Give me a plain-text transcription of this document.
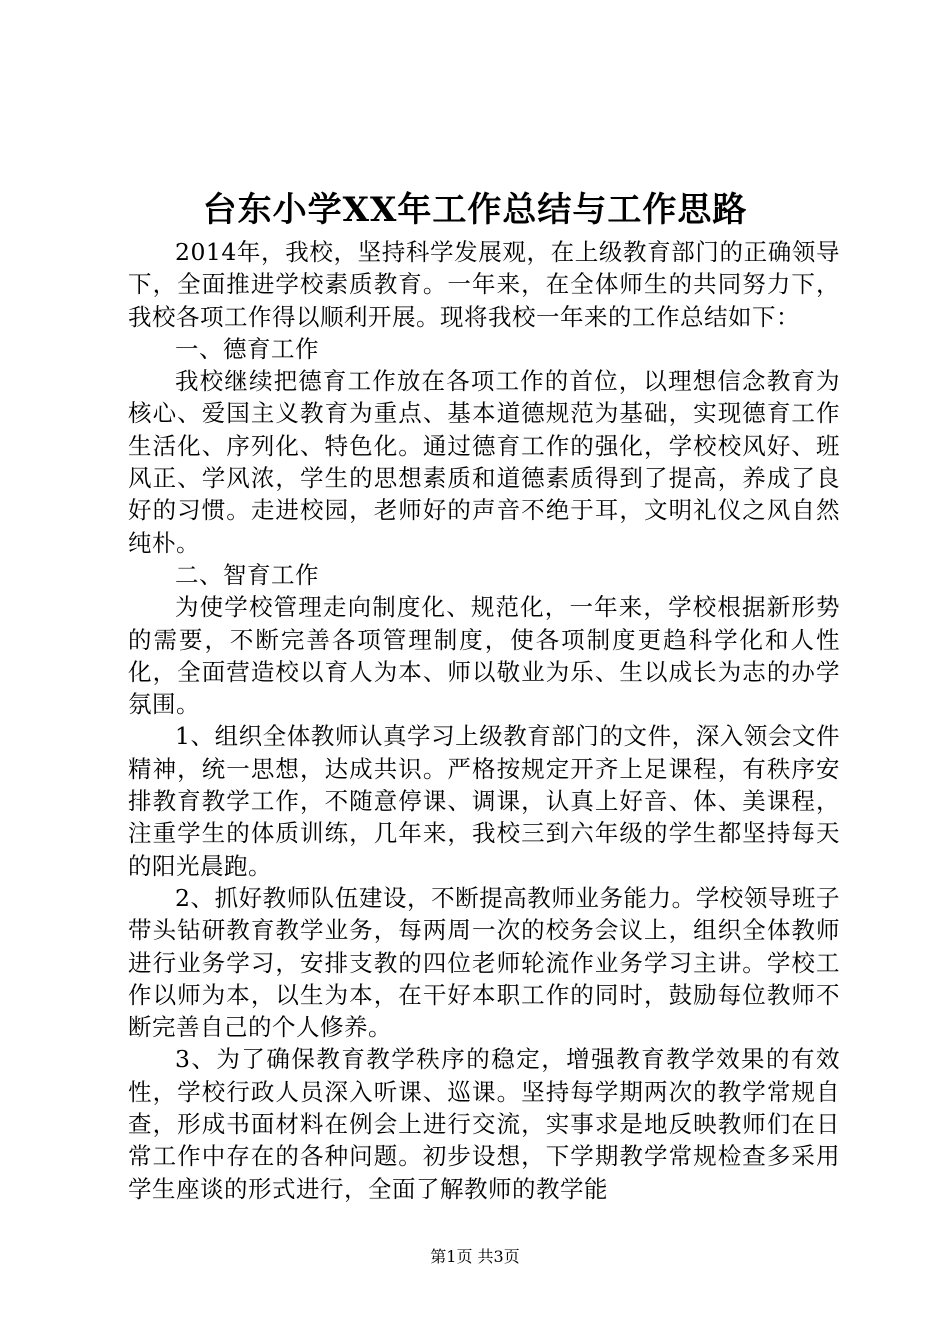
台东小学XX年工作总结与工作思路

2014年，我校，坚持科学发展观，在上级教育部门的正确领导下，全面推进学校素质教育。一年来，在全体师生的共同努力下，我校各项工作得以顺利开展。现将我校一年来的工作总结如下：

一、德育工作

我校继续把德育工作放在各项工作的首位，以理想信念教育为核心、爱国主义教育为重点、基本道德规范为基础，实现德育工作生活化、序列化、特色化。通过德育工作的强化，学校校风好、班风正、学风浓，学生的思想素质和道德素质得到了提高，养成了良好的习惯。走进校园，老师好的声音不绝于耳，文明礼仪之风自然纯朴。

二、智育工作

为使学校管理走向制度化、规范化，一年来，学校根据新形势的需要，不断完善各项管理制度，使各项制度更趋科学化和人性化，全面营造校以育人为本、师以敬业为乐、生以成长为志的办学氛围。

1、组织全体教师认真学习上级教育部门的文件，深入领会文件精神，统一思想，达成共识。严格按规定开齐上足课程，有秩序安排教育教学工作，不随意停课、调课，认真上好音、体、美课程，注重学生的体质训练，几年来，我校三到六年级的学生都坚持每天的阳光晨跑。

2、抓好教师队伍建设，不断提高教师业务能力。学校领导班子带头钻研教育教学业务，每两周一次的校务会议上，组织全体教师进行业务学习，安排支教的四位老师轮流作业务学习主讲。学校工作以师为本，以生为本，在干好本职工作的同时，鼓励每位教师不断完善自己的个人修养。

3、为了确保教育教学秩序的稳定，增强教育教学效果的有效性，学校行政人员深入听课、巡课。坚持每学期两次的教学常规自查，形成书面材料在例会上进行交流，实事求是地反映教师们在日常工作中存在的各种问题。初步设想，下学期教学常规检查多采用学生座谈的形式进行，全面了解教师的教学能

第1页 共3页
